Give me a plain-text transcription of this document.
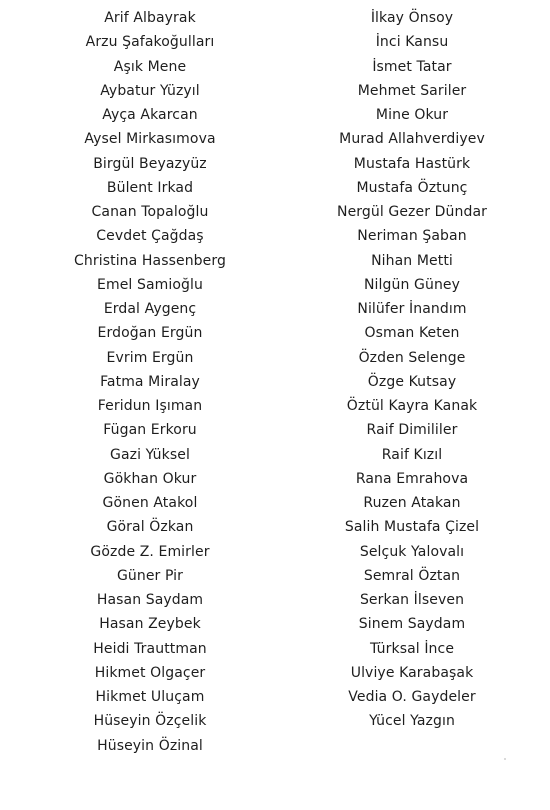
Arif Albayrak
Arzu Şafakoğulları
Aşık Mene
Aybatur Yüzyıl
Ayça Akarcan
Aysel Mirkasımova
Birgül Beyazyüz
Bülent Irkad
Canan Topaloğlu
Cevdet Çağdaş
Christina Hassenberg
Emel Samioğlu
Erdal Aygenç
Erdoğan Ergün
Evrim Ergün
Fatma Miralay
Feridun Işıman
Fügan Erkoru
Gazi Yüksel
Gökhan Okur
Gönen Atakol
Göral Özkan
Gözde Z. Emirler
Güner Pir
Hasan Saydam
Hasan Zeybek
Heidi Trauttman
Hikmet Olgaçer
Hikmet Uluçam
Hüseyin Özçelik
Hüseyin Özinal
İlkay Önsoy
İnci Kansu
İsmet Tatar
Mehmet Sariler
Mine Okur
Murad Allahverdiyev
Mustafa Hastürk
Mustafa Öztunç
Nergül Gezer Dündar
Neriman Şaban
Nihan Metti
Nilgün Güney
Nilüfer İnandım
Osman Keten
Özden Selenge
Özge Kutsay
Öztül Kayra Kanak
Raif Dimililer
Raif Kızıl
Rana Emrahova
Ruzen Atakan
Salih Mustafa Çizel
Selçuk Yalovalı
Semral Öztan
Serkan İlseven
Sinem Saydam
Türksal İnce
Ulviye Karabaşak
Vedia O. Gaydeler
Yücel Yazgın
